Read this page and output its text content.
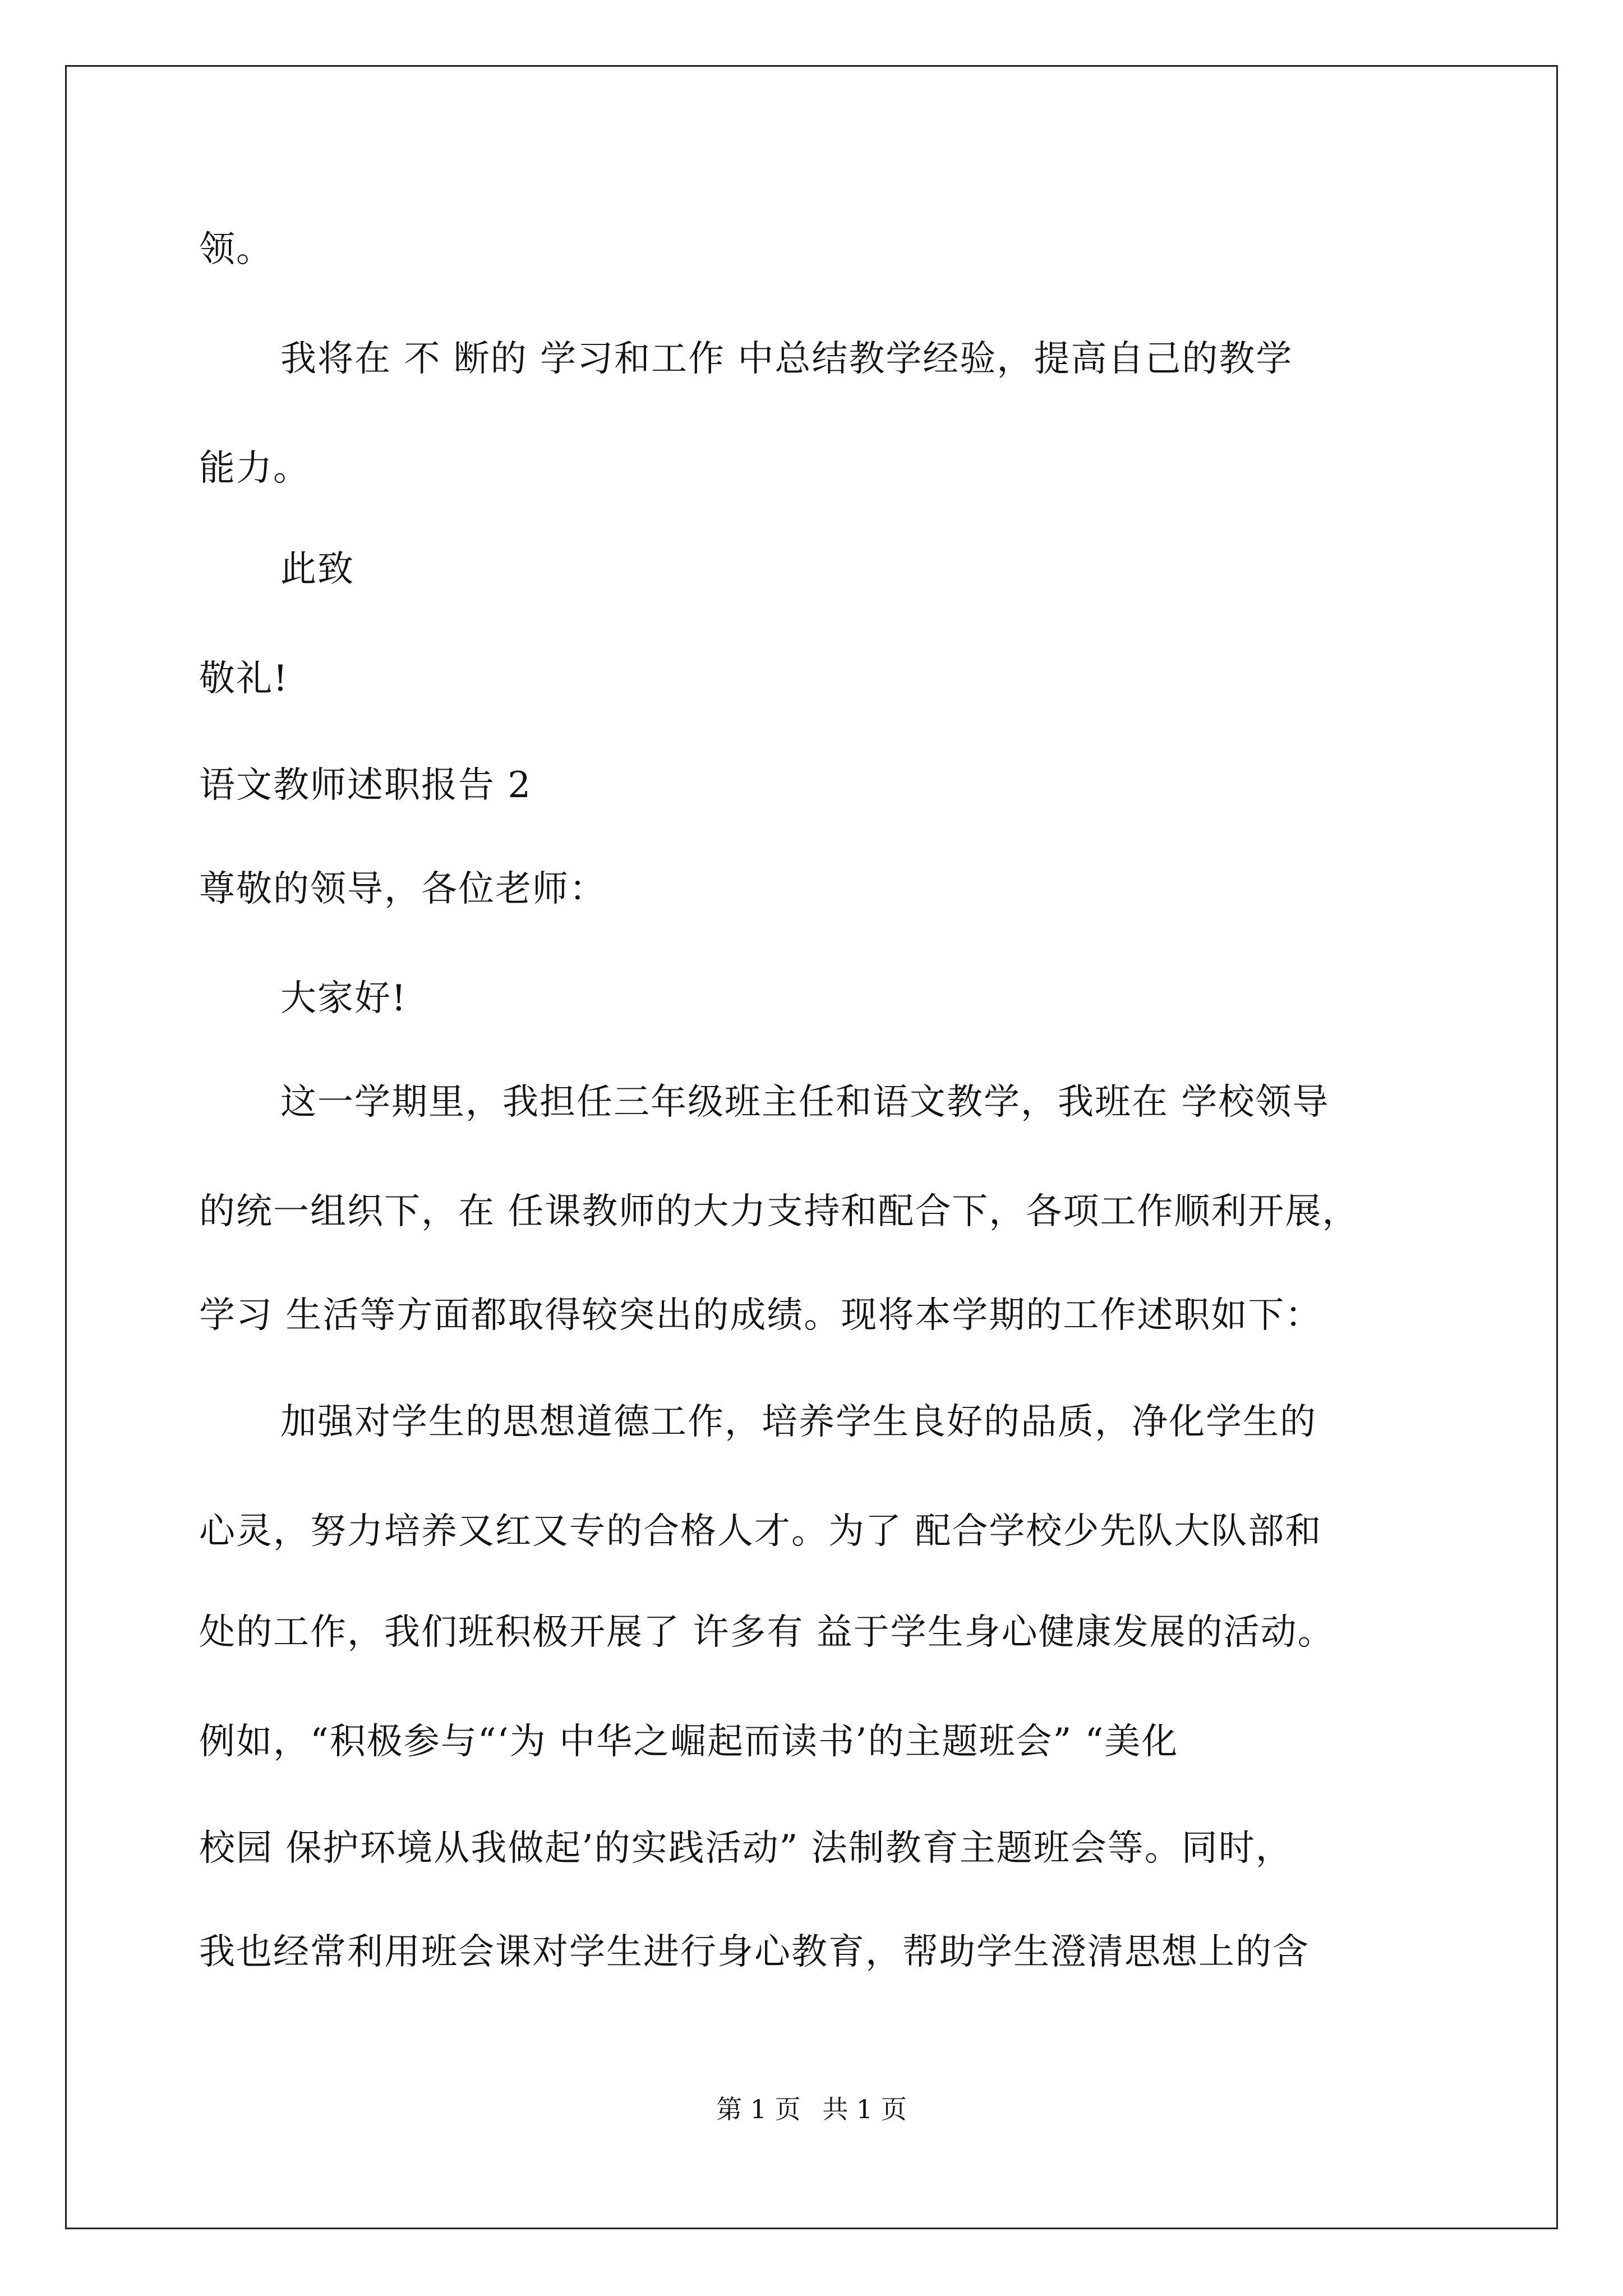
领。
我将在 不 断的 学习和工作 中总结教学经验，提高自己的教学
能力。
此致
敬礼!
语文教师述职报告 2
尊敬的领导，各位老师：
大家好!
这一学期里，我担任三年级班主任和语文教学，我班在 学校领导
的统一组织下，在 任课教师的大力支持和配合下，各项工作顺利开展，
学习 生活等方面都取得较突出的成绩。现将本学期的工作述职如下：
加强对学生的思想道德工作，培养学生良好的品质，净化学生的
心灵，努力培养又红又专的合格人才。为了 配合学校少先队大队部和
处的工作，我们班积极开展了 许多有 益于学生身心健康发展的活动。
例如，“积极参与“‘为 中华之崛起而读书’的主题班会” “美化
校园 保护环境从我做起’的实践活动” 法制教育主题班会等。同时，
我也经常利用班会课对学生进行身心教育，帮助学生澄清思想上的含
第 1 页 共 1 页
